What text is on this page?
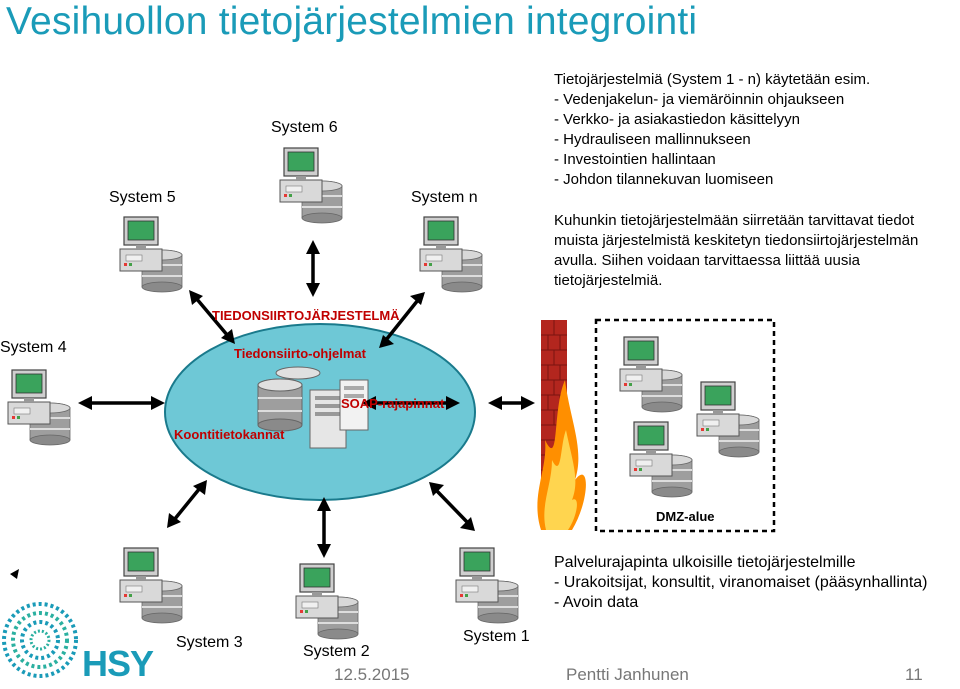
Vesihuollon tietojärjestelmien integrointi
System 6
System 5	System n
System 4
System 3
System 2
System 1
TIEDONSIIRTOJÄRJESTELMÄ
Tiedonsiirto-ohjelmat
SOAP-rajapinnat
Koontitietokannat
Tietojärjestelmiä (System 1 - n) käytetään esim.
- Vedenjakelun- ja viemäröinnin ohjaukseen
- Verkko- ja asiakastiedon käsittelyyn
- Hydrauliseen mallinnukseen
- Investointien hallintaan
- Johdon tilannekuvan luomiseen
Kuhunkin tietojärjestelmään siirretään tarvittavat tiedot
muista järjestelmistä keskitetyn tiedonsiirtojärjestelmän
avulla. Siihen voidaan tarvittaessa liittää uusia
tietojärjestelmiä.
DMZ-alue
Palvelurajapinta ulkoisille tietojärjestelmille
- Urakoitsijat, konsultit, viranomaiset (pääsynhallinta)
- Avoin data
HSY	12.5.2015	Pentti Janhunen	11
